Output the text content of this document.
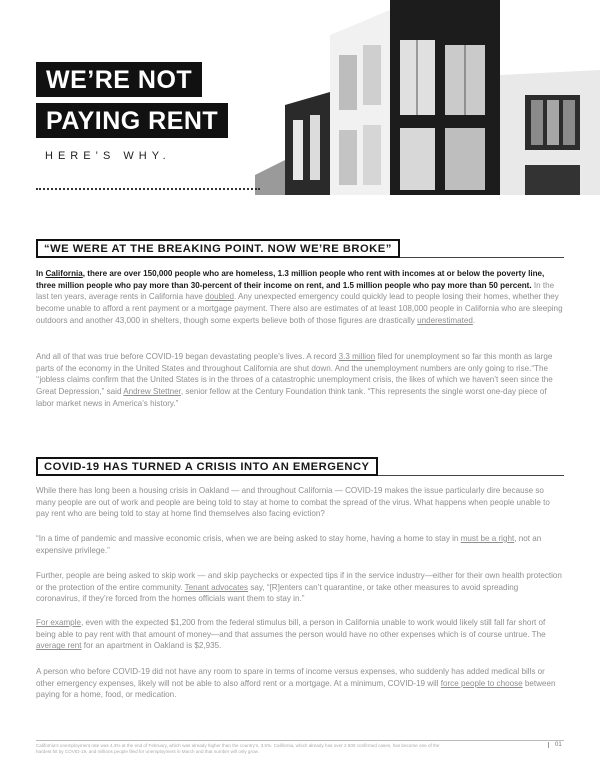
WE’RE NOT
PAYING RENT
HERE’S WHY.
“WE WERE AT THE BREAKING POINT. NOW WE’RE BROKE”

In California, there are over 150,000 people who are homeless, 1.3 million people who rent with incomes at or below the poverty line, three million people who pay more than 30-percent of their income on rent, and 1.5 million people who pay more than 50 percent. In the last ten years, average rents in California have doubled. Any unexpected emergency could quickly lead to people losing their homes, whether they become unable to afford a rent payment or a mortgage payment. There also are estimates of at least 108,000 people in California who are sleeping outdoors and another 43,000 in shelters, though some experts believe both of those figures are drastically underestimated.

And all of that was true before COVID-19 began devastating people’s lives. A record 3.3 million filed for unemployment so far this month as large parts of the economy in the United States and throughout California are shut down. And the unemployment numbers are only going to rise.“The ‘‘jobless claims confirm that the United States is in the throes of a catastrophic unemployment crisis, the likes of which we haven’t seen since the Great Depression,” said Andrew Stettner, senior fellow at the Century Foundation think tank. “This represents the single worst one-day piece of labor market news in America’s history.”

COVID-19 HAS TURNED A CRISIS INTO AN EMERGENCY

While there has long been a housing crisis in Oakland — and throughout California — COVID-19 makes the issue particularly dire because so many people are out of work and people are being told to stay at home to combat the spread of the virus. What happens when people unable to pay rent who are being told to stay at home find themselves also facing eviction?

“In a time of pandemic and massive economic crisis, when we are being asked to stay home, having a home to stay in must be a right, not an expensive privilege.”

Further, people are being asked to skip work — and skip paychecks or expected tips if in the service industry—either for their own health protection or the protection of the entire community. Tenant advocates say, “[R]enters can’t quarantine, or take other measures to avoid spreading coronavirus, if they’re forced from the homes officials want them to stay in.”

For example, even with the expected $1,200 from the federal stimulus bill, a person in California unable to work would likely still fall far short of being able to pay rent with that amount of money—and that assumes the person would have no other expenses which is of course untrue. The average rent for an apartment in Oakland is $2,935.

A person who before COVID-19 did not have any room to spare in terms of income versus expenses, who suddenly has added medical bills or other emergency expenses, likely will not be able to also afford rent or a mortgage. At a minimum, COVID-19 will force people to choose between paying for a home, food, or medication.

California’s unemployment rate was 4.3% at the end of February, which was already higher than the country’s, 3.5%. California, which already has over 2 500 confirmed cases, has become one of the hardest hit by COVID-19, and millions people filed for unemployment in March and that number will only grow.
01
